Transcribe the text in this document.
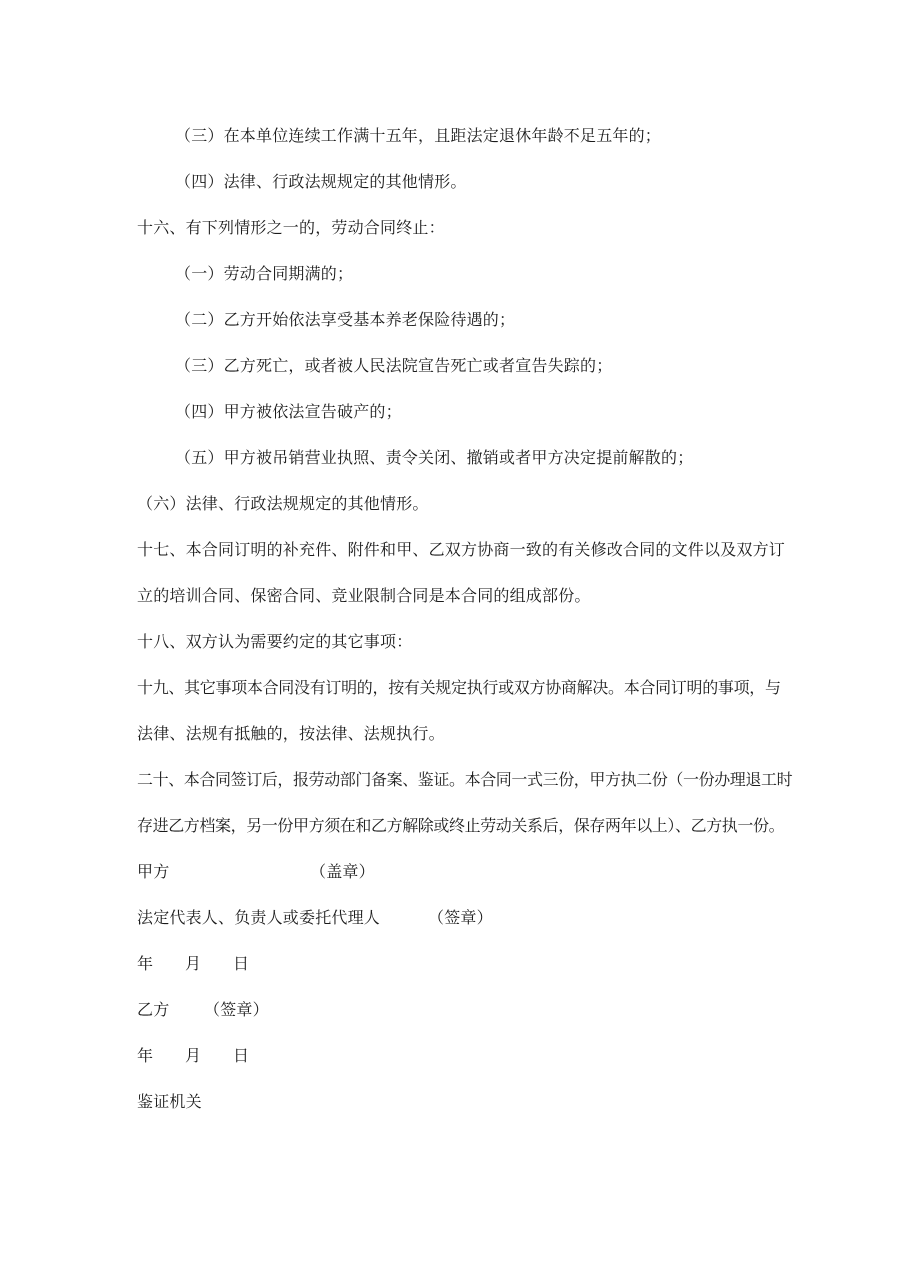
（三）在本单位连续工作满十五年，且距法定退休年龄不足五年的；
（四）法律、行政法规规定的其他情形。
十六、有下列情形之一的，劳动合同终止：
（一）劳动合同期满的；
（二）乙方开始依法享受基本养老保险待遇的；
（三）乙方死亡，或者被人民法院宣告死亡或者宣告失踪的；
（四）甲方被依法宣告破产的；
（五）甲方被吊销营业执照、责令关闭、撤销或者甲方决定提前解散的；
（六）法律、行政法规规定的其他情形。
十七、本合同订明的补充件、附件和甲、乙双方协商一致的有关修改合同的文件以及双方订
立的培训合同、保密合同、竞业限制合同是本合同的组成部份。
十八、双方认为需要约定的其它事项：
十九、其它事项本合同没有订明的，按有关规定执行或双方协商解决。本合同订明的事项，与
法律、法规有抵触的，按法律、法规执行。
二十、本合同签订后，报劳动部门备案、鉴证。本合同一式三份，甲方执二份（一份办理退工时
存进乙方档案，另一份甲方须在和乙方解除或终止劳动关系后，保存两年以上）、乙方执一份。
甲方	（盖章）
法定代表人、负责人或委托代理人	（签章）
年 月 日
乙方 （签章）
年 月 日
鉴证机关
